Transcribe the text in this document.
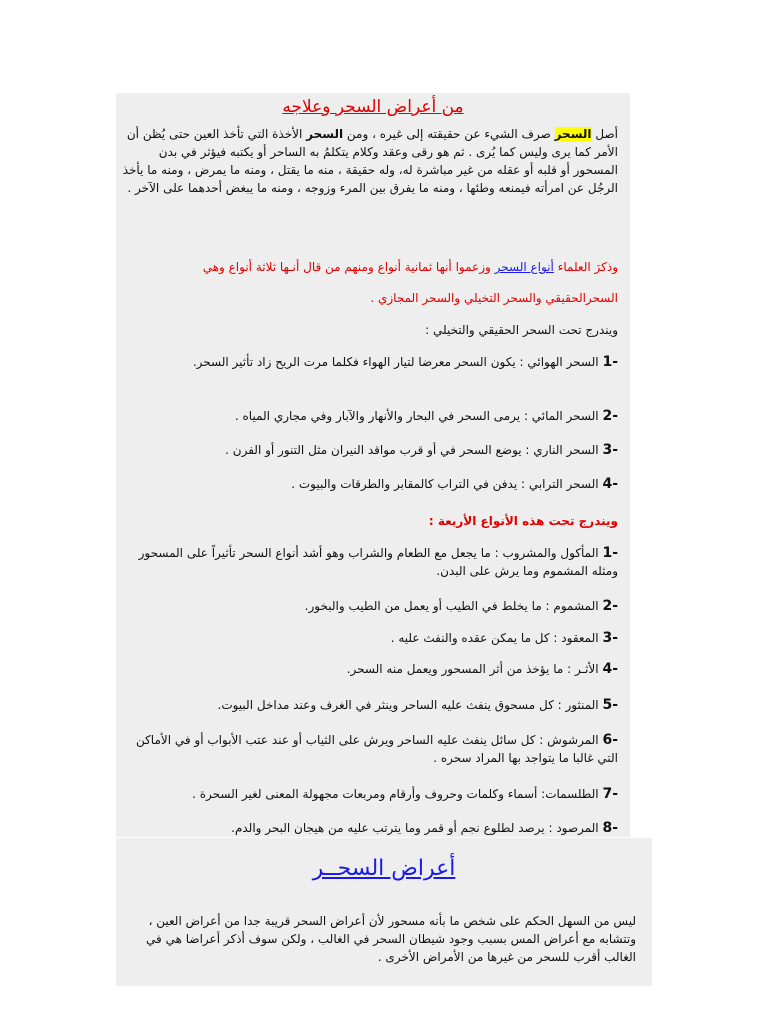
من أعراض السحر وعلاجه

أصل السحر صرف الشيء عن حقيقته إلى غيره ، ومن السحر الأخذة التي تأخذ العين حتى يُظن أن الأمر كما يرى وليس كما يُرى . ثم هو رقى وعقد وكلام يتكلمُ به الساحر أو يكتبه فيؤثر في بدن المسحور أو قلبه أو عقله من غير مباشرة له، وله حقيقة ، منه ما يقتل ، ومنه ما يمرض ، ومنه ما يأخذ الرجُل عن امرأته فيمنعه وطئها ، ومنه ما يفرق بين المرء وزوجه ، ومنه ما يبغض أحدهما على الآخر .

وذكرَ العلماء أنواع السحر وزعموا أنها ثمانية أنواع ومنهم من قال أنـها ثلاثة أنواع وهي

السحرالحقيقي والسحر التخيلي والسحر المجازي .

ويندرج تحت السحر الحقيقي والتخيلي :

-1 السحر الهوائي : يكون السحر معرضا لتيار الهواء فكلما مرت الريح زاد تأثير السحر.

-2 السحر المائي : يرمى السحر في البحار والأنهار والآبار وفي مجاري المياه .

-3 السحر الناري : يوضع السحر في أو قرب مواقد النيران مثل التنور أو الفرن .

-4 السحر الترابي : يدفن في التراب كالمقابر والطرقات والبيوت .

ويندرج تحت هذه الأنواع الأربعة :

-1 المأكول والمشروب : ما يجعل مع الطعام والشراب وهو أشد أنواع السحر تأثيراً على المسحور ومثله المشموم وما يرش على البدن.

-2 المشموم : ما يخلط في الطيب أو يعمل من الطيب والبخور.

-3 المعقود : كل ما يمكن عقده والنفث عليه .

-4 الأثـر : ما يؤخذ من أثر المسحور ويعمل منه السحر.

-5 المنثور : كل مسحوق ينفث عليه الساحر وينثر في الغرف وعند مداخل البيوت.

-6 المرشوش : كل سائل ينفث عليه الساحر ويرش على الثياب أو عند عتب الأبواب أو في الأماكن التي غالبا ما يتواجد بها المراد سحره .

-7 الطلسمات: أسماء وكلمات وحروف وأرقام ومربعات مجهولة المعنى لغير السحرة .

-8 المرصود : يرصد لطلوع نجم أو قمر وما يترتب عليه من هيجان البحر والدم.

أعراض السحــر

ليس من السهل الحكم على شخص ما بأنه مسحور لأن أعراض السحر قريبة جدا من أعراض العين ، وتتشابه مع أعراض المس بسبب وجود شيطان السحر في الغالب ، ولكن سوف أذكر أعراضا هي في الغالب أقرب للسحر من غيرها من الأمراض الأخرى .
